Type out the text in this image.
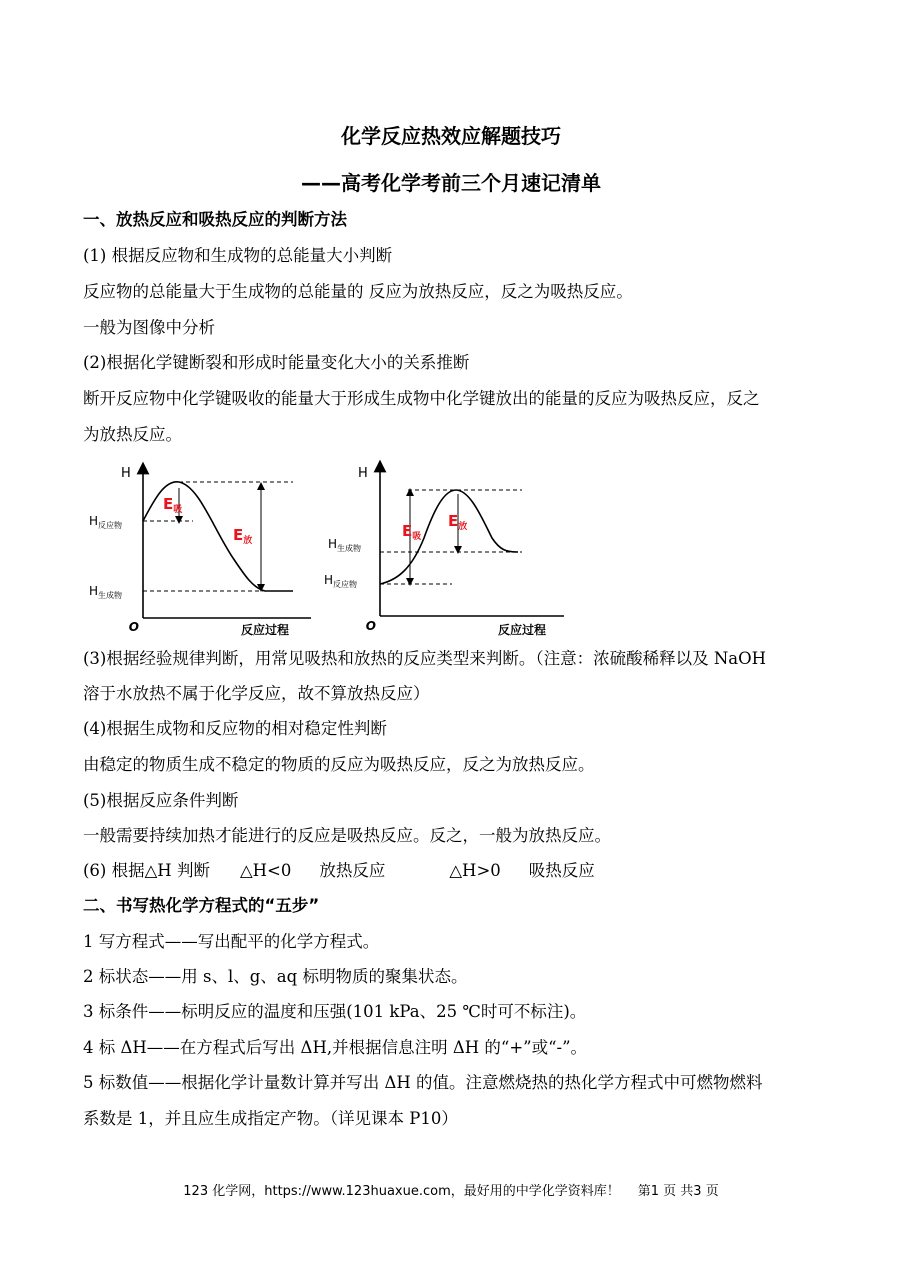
化学反应热效应解题技巧
——高考化学考前三个月速记清单
一、放热反应和吸热反应的判断方法
(1) 根据反应物和生成物的总能量大小判断
反应物的总能量大于生成物的总能量的 反应为放热反应，反之为吸热反应。
一般为图像中分析
(2)根据化学键断裂和形成时能量变化大小的关系推断
断开反应物中化学键吸收的能量大于形成生成物中化学键放出的能量的反应为吸热反应，反之
为放热反应。
H
$H_{反应物}$
$H_{生成物}$
$E_吸$
$E_放$
O	反应过程
H
$H_{生成物}$
$H_{反应物}$
$E_吸$
$E_放$
O	反应过程
(3)根据经验规律判断，用常见吸热和放热的反应类型来判断。（注意：浓硫酸稀释以及 NaOH
溶于水放热不属于化学反应，故不算放热反应）
(4)根据生成物和反应物的相对稳定性判断
由稳定的物质生成不稳定的物质的反应为吸热反应，反之为放热反应。
(5)根据反应条件判断
一般需要持续加热才能进行的反应是吸热反应。反之，一般为放热反应。
(6) 根据△H 判断 △H<0 放热反应	△H>0 吸热反应
二、书写热化学方程式的“五步”
1 写方程式——写出配平的化学方程式。
2 标状态——用 s、l、g、aq 标明物质的聚集状态。
3 标条件——标明反应的温度和压强(101 kPa、25 ℃时可不标注)。
4 标 ΔH——在方程式后写出 ΔH,并根据信息注明 ΔH 的“+”或“-”。
5 标数值——根据化学计量数计算并写出 ΔH 的值。注意燃烧热的热化学方程式中可燃物燃料
系数是 1，并且应生成指定产物。（详见课本 P10）
123 化学网，https://www.123huaxue.com，最好用的中学化学资料库！ 第1 页 共3 页
